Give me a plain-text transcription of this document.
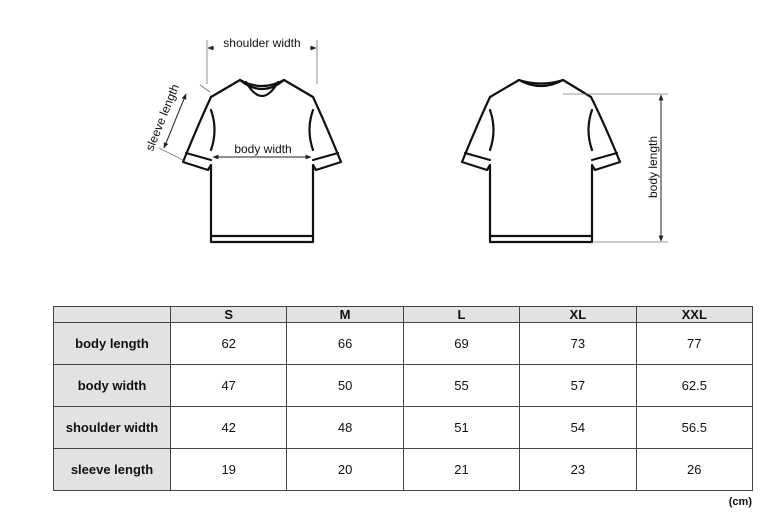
shoulder width
sleeve length	body width	body length
	S	M	L	XL	XXL
body length	62	66	69	73	77
body width	47	50	55	57	62.5
shoulder width	42	48	51	54	56.5
sleeve length	19	20	21	23	26
(cm)
